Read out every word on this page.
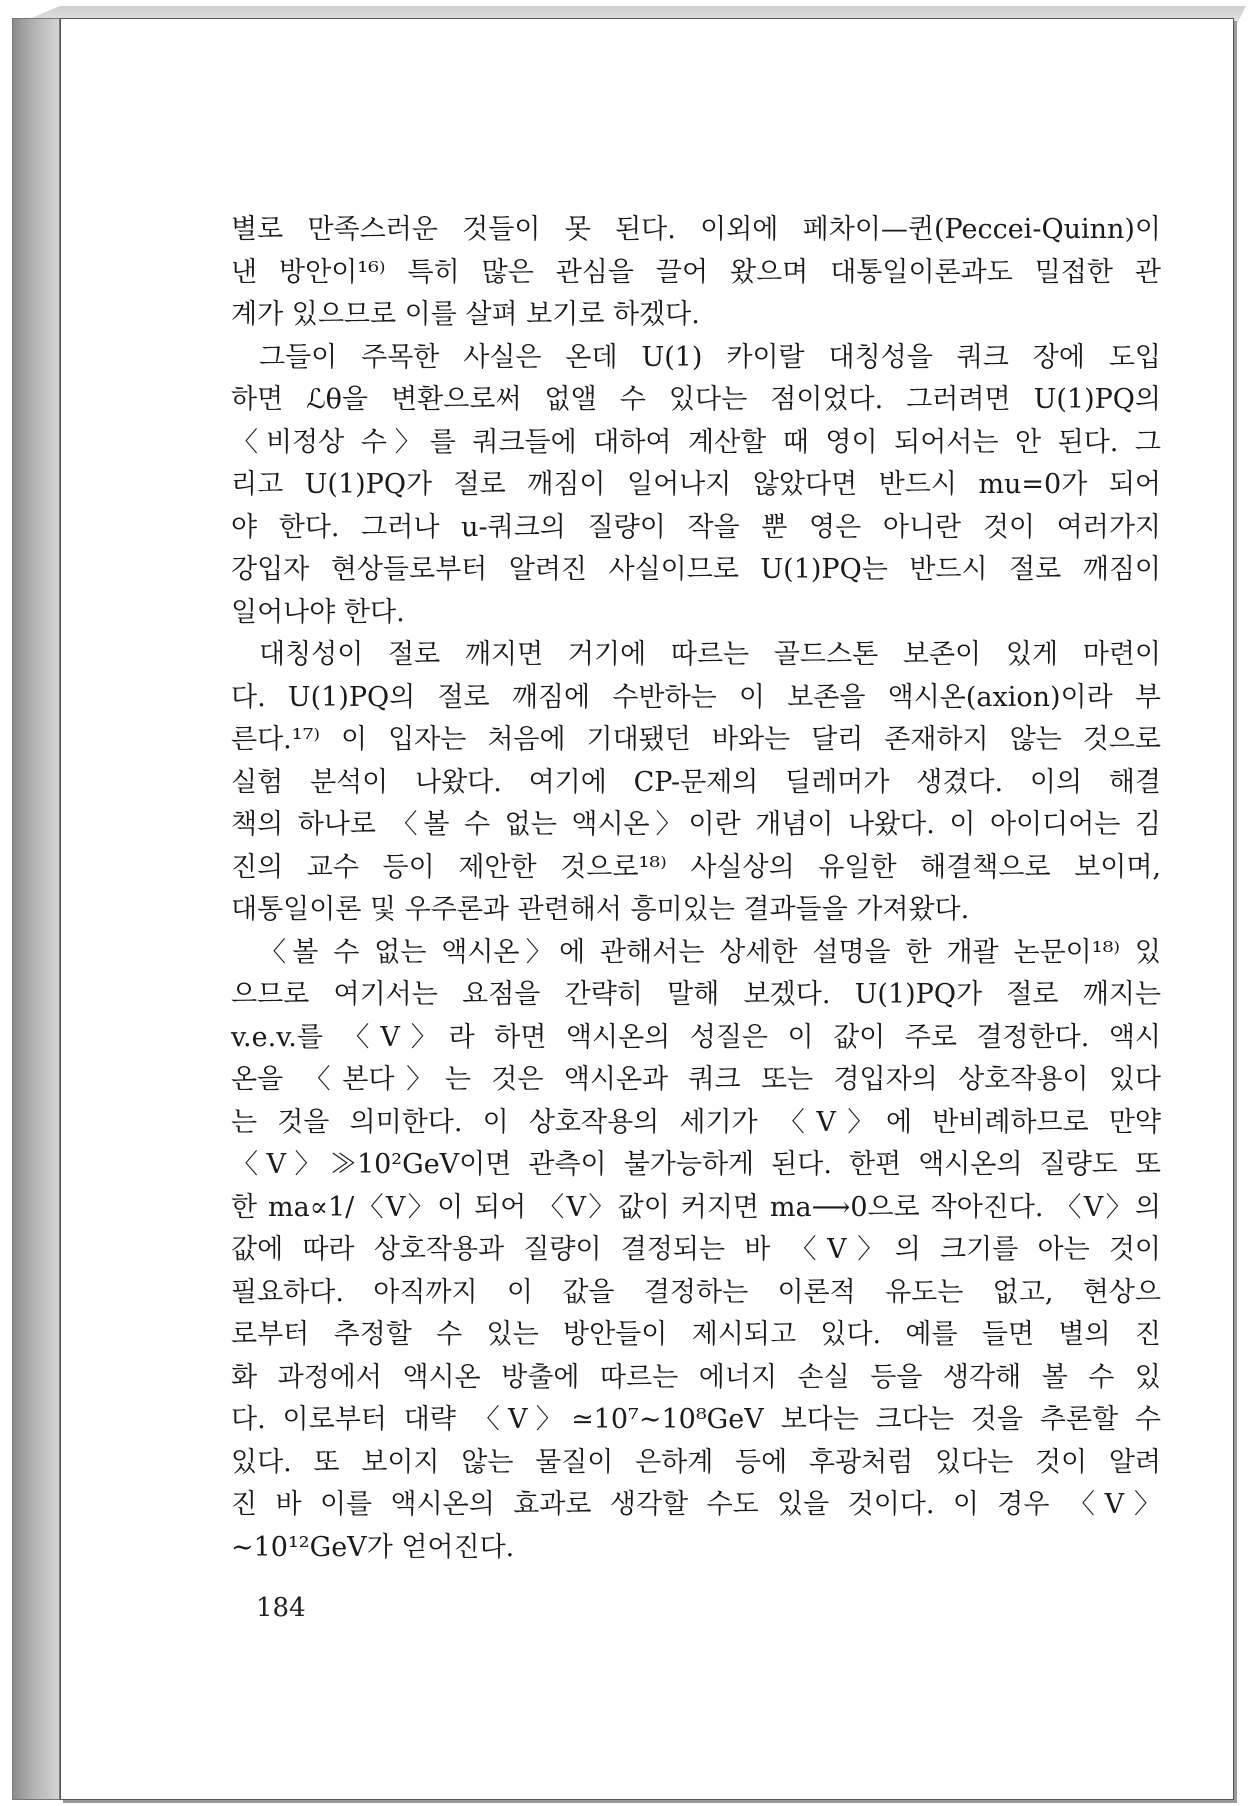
별로 만족스러운 것들이 못 된다. 이외에 페차이—퀸(Peccei-Quinn)이
낸 방안이¹⁶⁾ 특히 많은 관심을 끌어 왔으며 대통일이론과도 밀접한 관
계가 있으므로 이를 살펴 보기로 하겠다.
그들이 주목한 사실은 온데 U(1) 카이랄 대칭성을 쿼크 장에 도입
하면 ℒθ을 변환으로써 없앨 수 있다는 점이었다. 그러려면 U(1)PQ의
〈비정상 수〉를 쿼크들에 대하여 계산할 때 영이 되어서는 안 된다. 그
리고 U(1)PQ가 절로 깨짐이 일어나지 않았다면 반드시 mu=0가 되어
야 한다. 그러나 u-쿼크의 질량이 작을 뿐 영은 아니란 것이 여러가지
강입자 현상들로부터 알려진 사실이므로 U(1)PQ는 반드시 절로 깨짐이
일어나야 한다.
대칭성이 절로 깨지면 거기에 따르는 골드스톤 보존이 있게 마련이
다. U(1)PQ의 절로 깨짐에 수반하는 이 보존을 액시온(axion)이라 부
른다.¹⁷⁾ 이 입자는 처음에 기대됐던 바와는 달리 존재하지 않는 것으로
실험 분석이 나왔다. 여기에 CP-문제의 딜레머가 생겼다. 이의 해결
책의 하나로 〈볼 수 없는 액시온〉이란 개념이 나왔다. 이 아이디어는 김
진의 교수 등이 제안한 것으로¹⁸⁾ 사실상의 유일한 해결책으로 보이며,
대통일이론 및 우주론과 관련해서 흥미있는 결과들을 가져왔다.
〈볼 수 없는 액시온〉에 관해서는 상세한 설명을 한 개괄 논문이¹⁸⁾ 있
으므로 여기서는 요점을 간략히 말해 보겠다. U(1)PQ가 절로 깨지는
v.e.v.를 〈V〉라 하면 액시온의 성질은 이 값이 주로 결정한다. 액시
온을 〈본다〉는 것은 액시온과 쿼크 또는 경입자의 상호작용이 있다
는 것을 의미한다. 이 상호작용의 세기가 〈V〉에 반비례하므로 만약
〈V〉≫10²GeV이면 관측이 불가능하게 된다. 한편 액시온의 질량도 또
한 ma∝1/〈V〉이 되어 〈V〉값이 커지면 ma⟶0으로 작아진다. 〈V〉의
값에 따라 상호작용과 질량이 결정되는 바 〈V〉의 크기를 아는 것이
필요하다. 아직까지 이 값을 결정하는 이론적 유도는 없고, 현상으
로부터 추정할 수 있는 방안들이 제시되고 있다. 예를 들면 별의 진
화 과정에서 액시온 방출에 따르는 에너지 손실 등을 생각해 볼 수 있
다. 이로부터 대략 〈V〉≃10⁷∼10⁸GeV 보다는 크다는 것을 추론할 수
있다. 또 보이지 않는 물질이 은하계 등에 후광처럼 있다는 것이 알려
진 바 이를 액시온의 효과로 생각할 수도 있을 것이다. 이 경우 〈V〉
∼10¹²GeV가 얻어진다.
184
